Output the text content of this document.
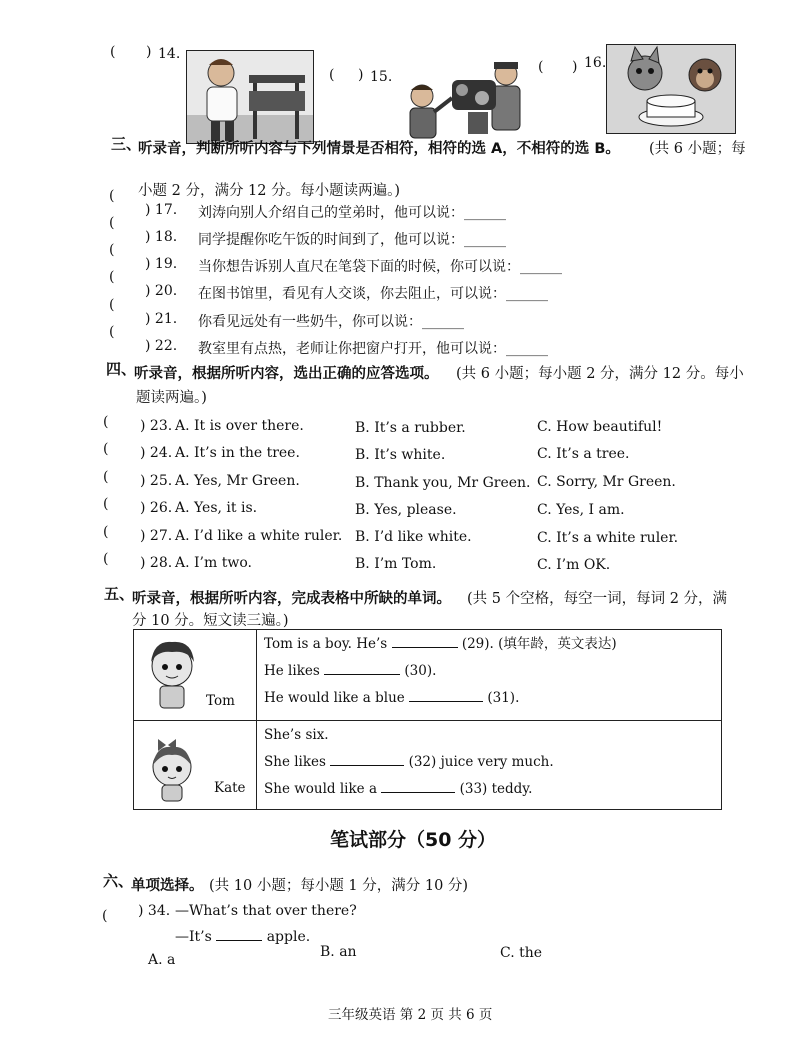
( ) 14.
( ) 15.
( ) 16.
三、
听录音，判断所听内容与下列情景是否相符，相符的选 A，不相符的选 B。 (共 6 小题；每
小题 2 分，满分 12 分。每小题读两遍。)
(
) 17. 刘涛向别人介绍自己的堂弟时，他可以说：______
(
) 18. 同学提醒你吃午饭的时间到了，他可以说：______
(
) 19. 当你想告诉别人直尺在笔袋下面的时候，你可以说：______
(
) 20. 在图书馆里，看见有人交谈，你去阻止，可以说：______
(
) 21. 你看见远处有一些奶牛，你可以说：______
(
) 22. 教室里有点热，老师让你把窗户打开，他可以说：______
四、
听录音，根据所听内容，选出正确的应答选项。 (共 6 小题；每小题 2 分，满分 12 分。每小
题读两遍。)
( ) 23. A. It is over there.	B. It’s a rubber.	C. How beautiful!
( ) 24. A. It’s in the tree.	B. It’s white.	C. It’s a tree.
( ) 25. A. Yes, Mr Green.	B. Thank you, Mr Green. C. Sorry, Mr Green.
( ) 26. A. Yes, it is.	B. Yes, please.	C. Yes, I am.
( ) 27. A. I’d like a white ruler. B. I’d like white.	C. It’s a white ruler.
( ) 28. A. I’m two.	B. I’m Tom.	C. I’m OK.
五、
听录音，根据所听内容，完成表格中所缺的单词。 (共 5 个空格，每空一词，每词 2 分，满
分 10 分。短文读三遍。)
Tom	Tom is a boy. He’s (29). (填年龄，英文表达)
He likes (30).
He would like a blue (31).

Kate	She’s six.
She likes (32) juice very much.
She would like a (33) teddy.
笔试部分（50 分）
六、
单项选择。 (共 10 小题；每小题 1 分，满分 10 分)
( ) 34. —What’s that over there?
—It’s	apple.
A. a	B. an	C. the
三年级英语 第 2 页 共 6 页
